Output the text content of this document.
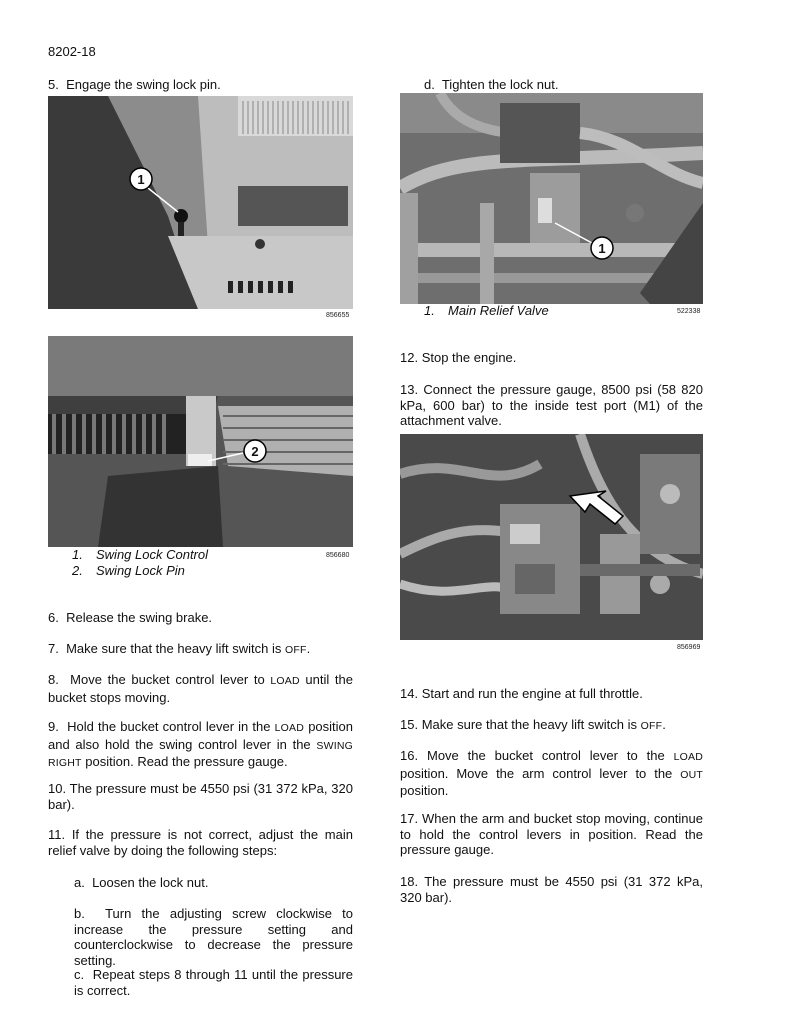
8202-18
5. Engage the swing lock pin.
1
856655
2
1. Swing Lock Control	856680
2. Swing Lock Pin
6. Release the swing brake.
7. Make sure that the heavy lift switch is OFF.
8. Move the bucket control lever to LOAD until the bucket stops moving.
9. Hold the bucket control lever in the LOAD position and also hold the swing control lever in the SWING RIGHT position. Read the pressure gauge.
10. The pressure must be 4550 psi (31 372 kPa, 320 bar).
11. If the pressure is not correct, adjust the main relief valve by doing the following steps:
a. Loosen the lock nut.
b. Turn the adjusting screw clockwise to increase the pressure setting and counterclockwise to decrease the pressure setting.
c. Repeat steps 8 through 11 until the pressure is correct.
d. Tighten the lock nut.
1
1. Main Relief Valve	522338
12. Stop the engine.
13. Connect the pressure gauge, 8500 psi (58 820 kPa, 600 bar) to the inside test port (M1) of the attachment valve.
856969
14. Start and run the engine at full throttle.
15. Make sure that the heavy lift switch is OFF.
16. Move the bucket control lever to the LOAD position. Move the arm control lever to the OUT position.
17. When the arm and bucket stop moving, continue to hold the control levers in position. Read the pressure gauge.
18. The pressure must be 4550 psi (31 372 kPa, 320 bar).
